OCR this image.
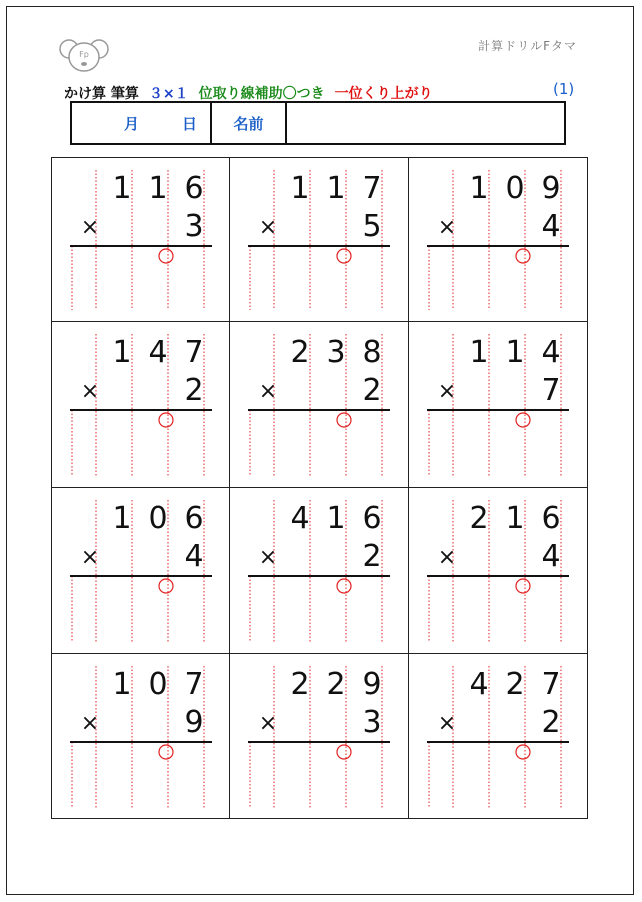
Fp
計算ドリルFタマ
かけ算 筆算 ３×１ 位取り線補助〇つき 一位くり上がり	(1)
月	日	名前
1 1 6
3
×
1 1 7
5
×
1 0 9
4
×
1 4 7
2
×
2 3 8
2
×
1 1 4
7
×
1 0 6
4
×
4 1 6
2
×
2 1 6
4
×
1 0 7
9
×
2 2 9
3
×
4 2 7
2
×
